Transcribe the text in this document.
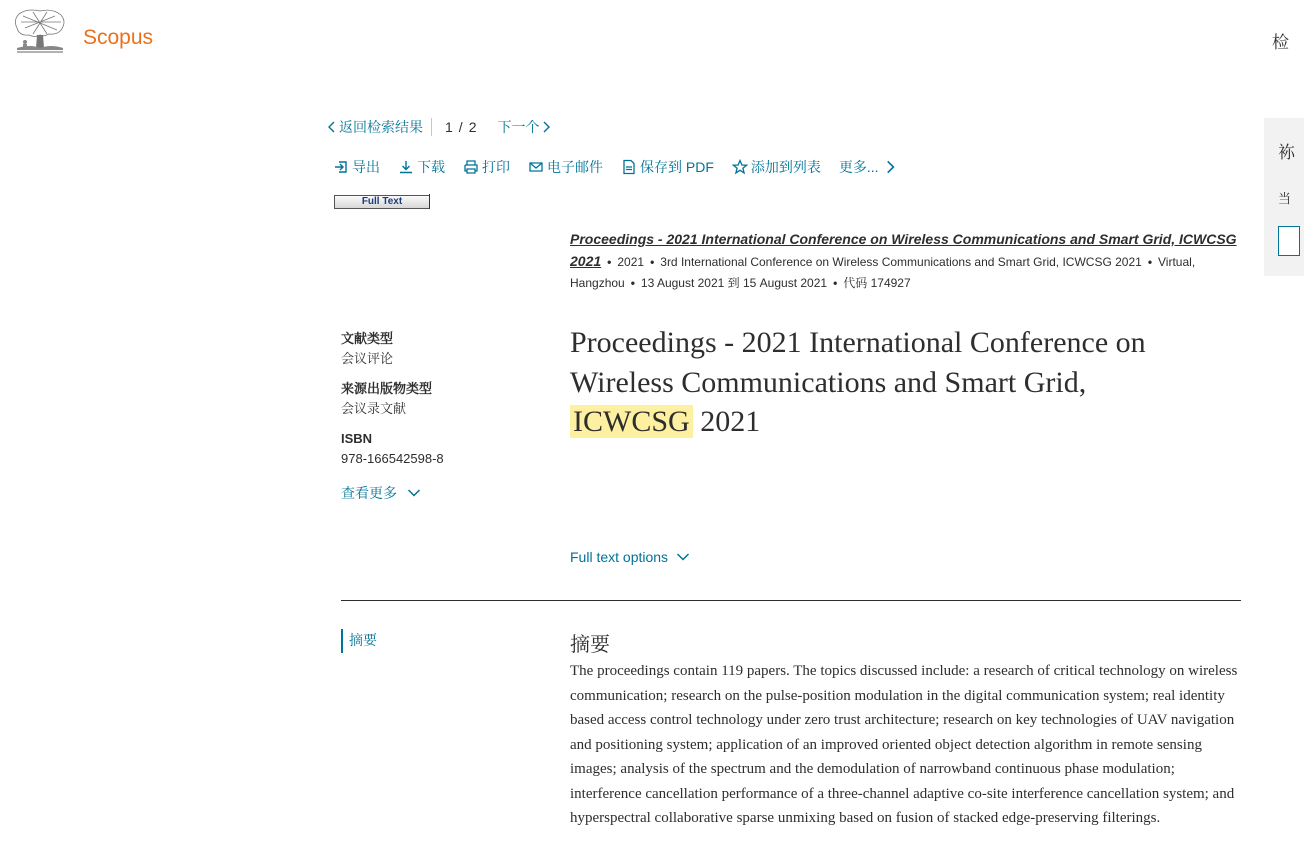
Scopus	检
袮
当
返回检索结果 1 / 2 下一个
导出	下载	打印	电子邮件	保存到 PDF	添加到列表 更多...
Full Text
Proceedings - 2021 International Conference on Wireless Communications and Smart Grid, ICWCSG 2021 • 2021 • 3rd International Conference on Wireless Communications and Smart Grid, ICWCSG 2021 • Virtual, Hangzhou • 13 August 2021 到 15 August 2021 • 代码 174927
文献类型
会议评论
来源出版物类型
会议录文献
ISBN
978-166542598-8
查看更多
Proceedings - 2021 International Conference on Wireless Communications and Smart Grid,
ICWCSG 2021
Full text options
摘要	摘要

The proceedings contain 119 papers. The topics discussed include: a research of critical technology on wireless communication; research on the pulse-position modulation in the digital communication system; real identity based access control technology under zero trust architecture; research on key technologies of UAV navigation and positioning system; application of an improved oriented object detection algorithm in remote sensing images; analysis of the spectrum and the demodulation of narrowband continuous phase modulation; interference cancellation performance of a three-channel adaptive co-site interference cancellation system; and hyperspectral collaborative sparse unmixing based on fusion of stacked edge-preserving filterings.
